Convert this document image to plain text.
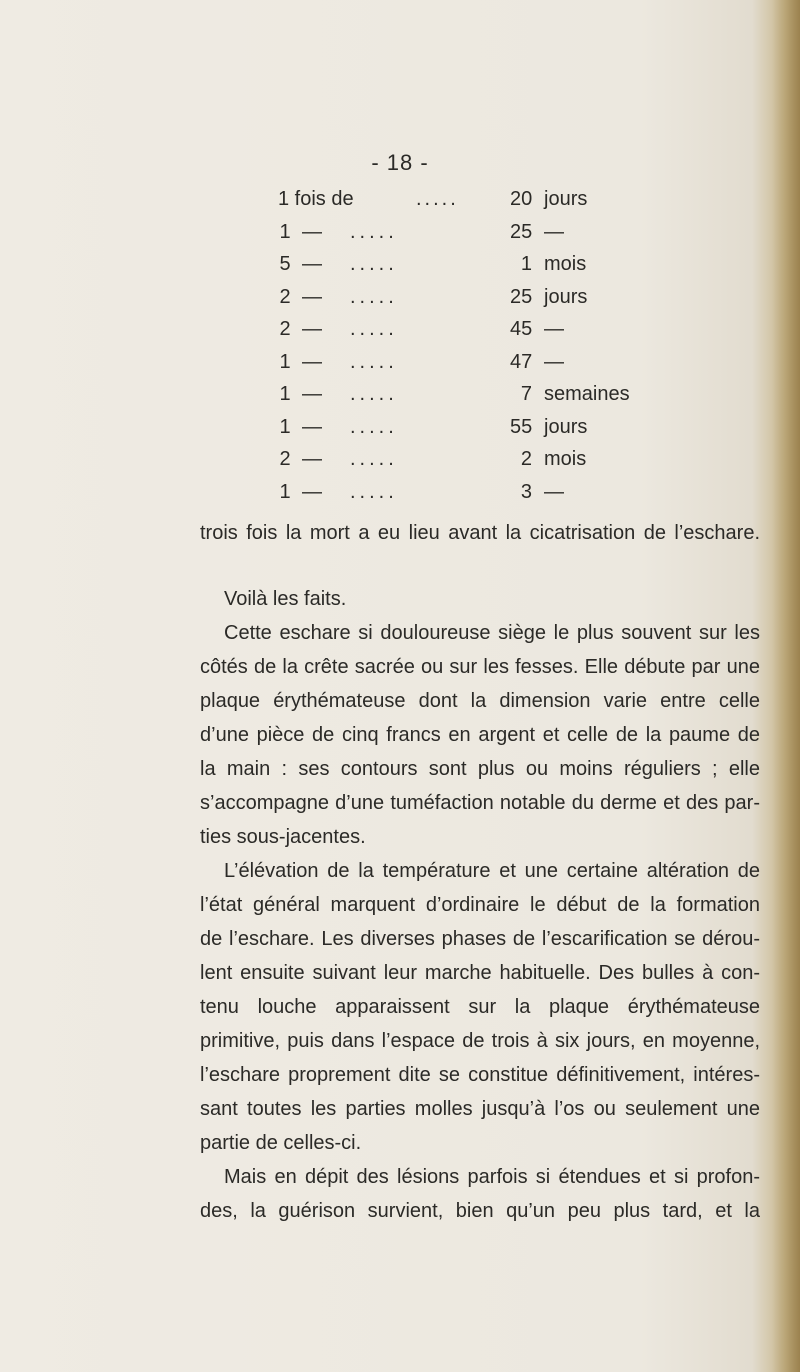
- 18 -
1 fois de	.....	20 jours
1 — .....	25 —
5 — .....	1 mois
2 — .....	25 jours
2 — .....	45 —
1 — .....	47 —
1 — .....	7 semaines
1 — .....	55 jours
2 — .....	2 mois
1 — .....	3 —
trois fois la mort a eu lieu avant la cicatrisation de l’eschare.
Voilà les faits.
Cette eschare si douloureuse siège le plus souvent sur les
côtés de la crête sacrée ou sur les fesses. Elle débute par une
plaque érythémateuse dont la dimension varie entre celle
d’une pièce de cinq francs en argent et celle de la paume de
la main : ses contours sont plus ou moins réguliers ; elle
s’accompagne d’une tuméfaction notable du derme et des par-
ties sous-jacentes.
L’élévation de la température et une certaine altération de
l’état général marquent d’ordinaire le début de la formation
de l’eschare. Les diverses phases de l’escarification se dérou-
lent ensuite suivant leur marche habituelle. Des bulles à con-
tenu louche apparaissent sur la plaque érythémateuse
primitive, puis dans l’espace de trois à six jours, en moyenne,
l’eschare proprement dite se constitue définitivement, intéres-
sant toutes les parties molles jusqu’à l’os ou seulement une
partie de celles-ci.
Mais en dépit des lésions parfois si étendues et si profon-
des, la guérison survient, bien qu’un peu plus tard, et la
